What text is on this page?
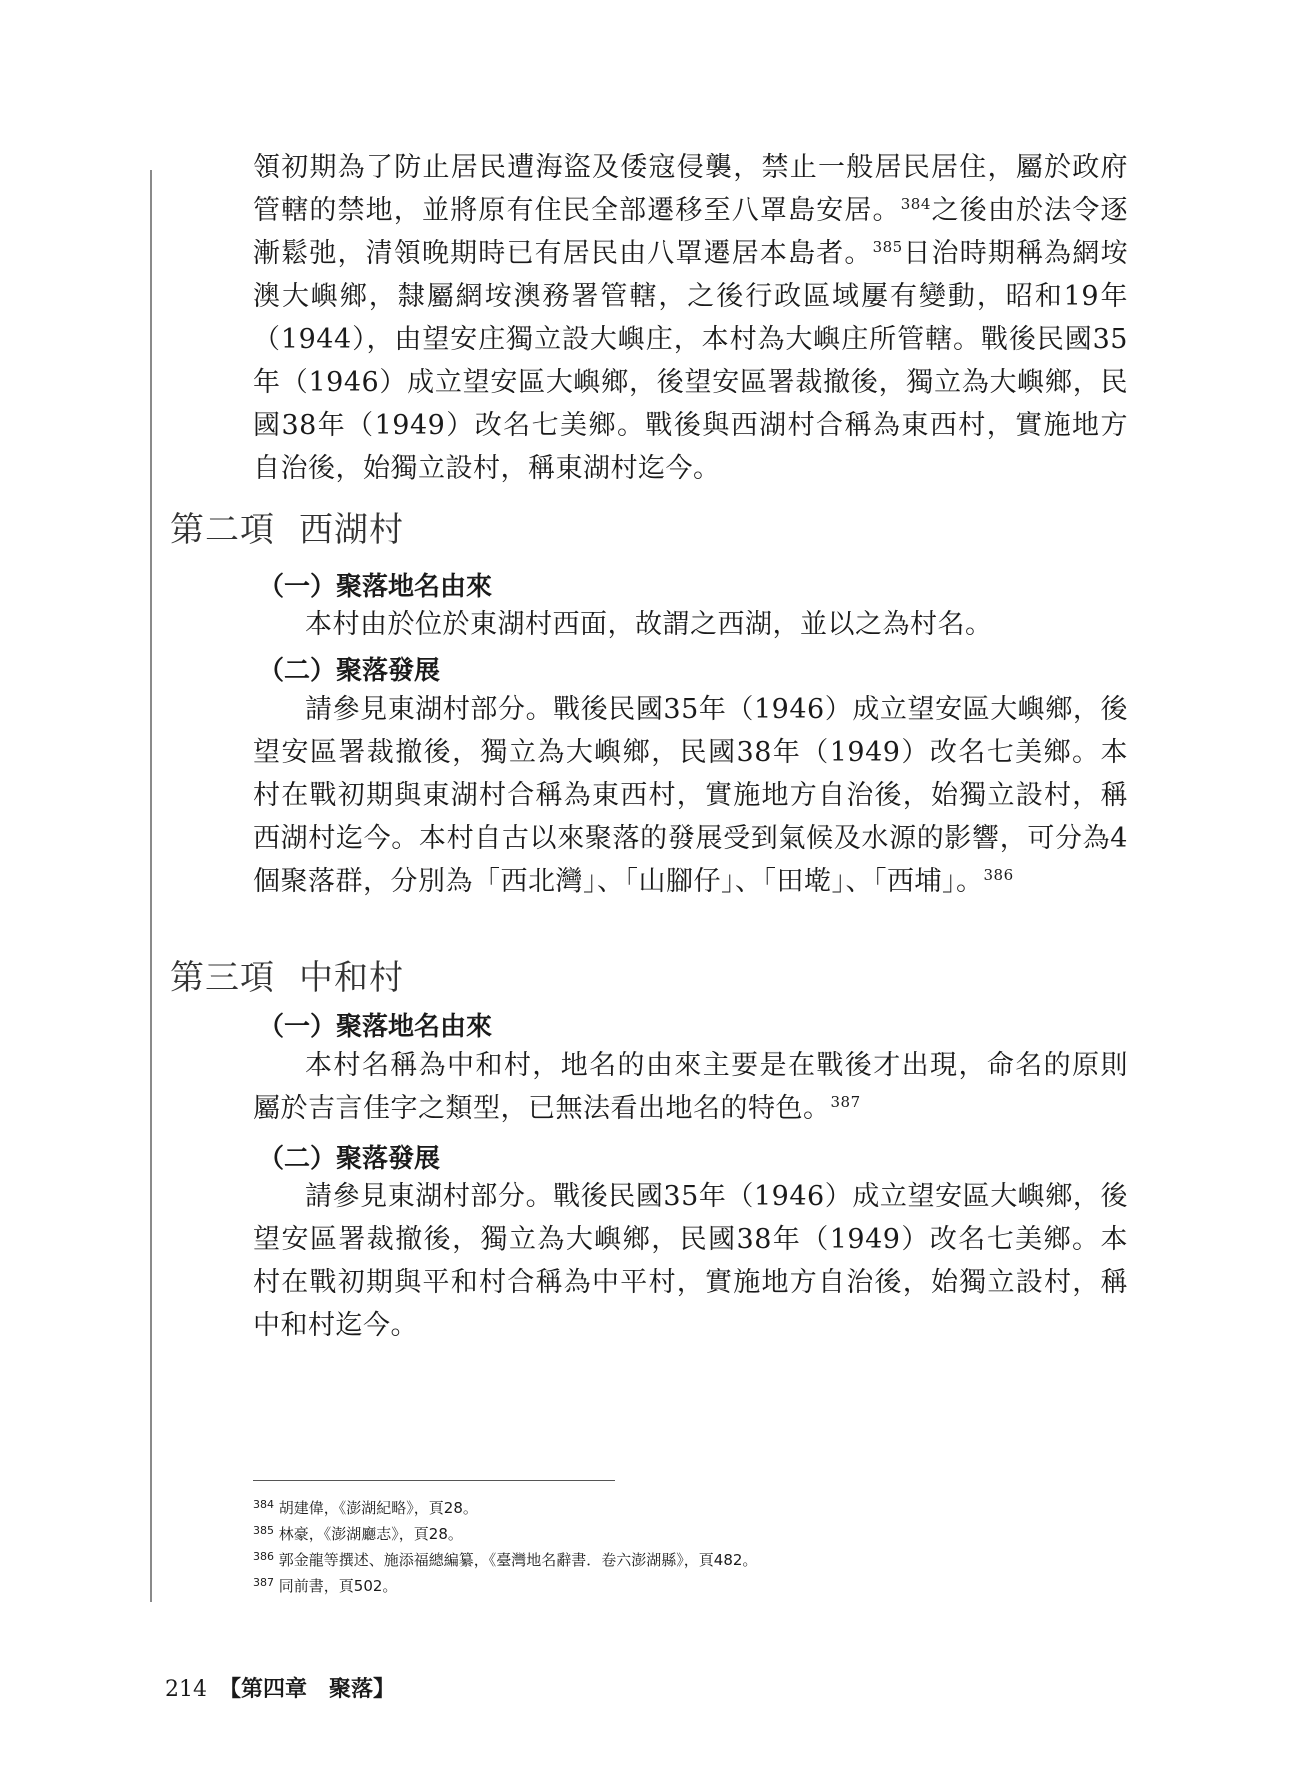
領初期為了防止居民遭海盜及倭寇侵襲，禁止一般居民居住，屬於政府管轄的禁地，並將原有住民全部遷移至八罩島安居。$^{384}$之後由於法令逐漸鬆弛，清領晚期時已有居民由八罩遷居本島者。$^{385}$日治時期稱為網垵澳大嶼鄉，隸屬網垵澳務署管轄，之後行政區域屢有變動，昭和19年（1944），由望安庄獨立設大嶼庄，本村為大嶼庄所管轄。戰後民國35年（1946）成立望安區大嶼鄉，後望安區署裁撤後，獨立為大嶼鄉，民國38年（1949）改名七美鄉。戰後與西湖村合稱為東西村，實施地方自治後，始獨立設村，稱東湖村迄今。

第二項 西湖村
（一）聚落地名由來

本村由於位於東湖村西面，故謂之西湖，並以之為村名。

（二）聚落發展

請參見東湖村部分。戰後民國35年（1946）成立望安區大嶼鄉，後望安區署裁撤後，獨立為大嶼鄉，民國38年（1949）改名七美鄉。本村在戰初期與東湖村合稱為東西村，實施地方自治後，始獨立設村，稱西湖村迄今。本村自古以來聚落的發展受到氣候及水源的影響，可分為4個聚落群，分別為「西北灣」、「山腳仔」、「田墘」、「西埔」。$^{386}$

第三項 中和村
（一）聚落地名由來

本村名稱為中和村，地名的由來主要是在戰後才出現，命名的原則屬於吉言佳字之類型，已無法看出地名的特色。$^{387}$

（二）聚落發展

請參見東湖村部分。戰後民國35年（1946）成立望安區大嶼鄉，後望安區署裁撤後，獨立為大嶼鄉，民國38年（1949）改名七美鄉。本村在戰初期與平和村合稱為中平村，實施地方自治後，始獨立設村，稱中和村迄今。

$^{384}$ 胡建偉，《澎湖紀略》，頁28。
$^{385}$ 林豪，《澎湖廳志》，頁28。
$^{386}$ 郭金龍等撰述、施添福總編纂，《臺灣地名辭書．卷六澎湖縣》，頁482。
$^{387}$ 同前書，頁502。
214 【第四章　聚落】
